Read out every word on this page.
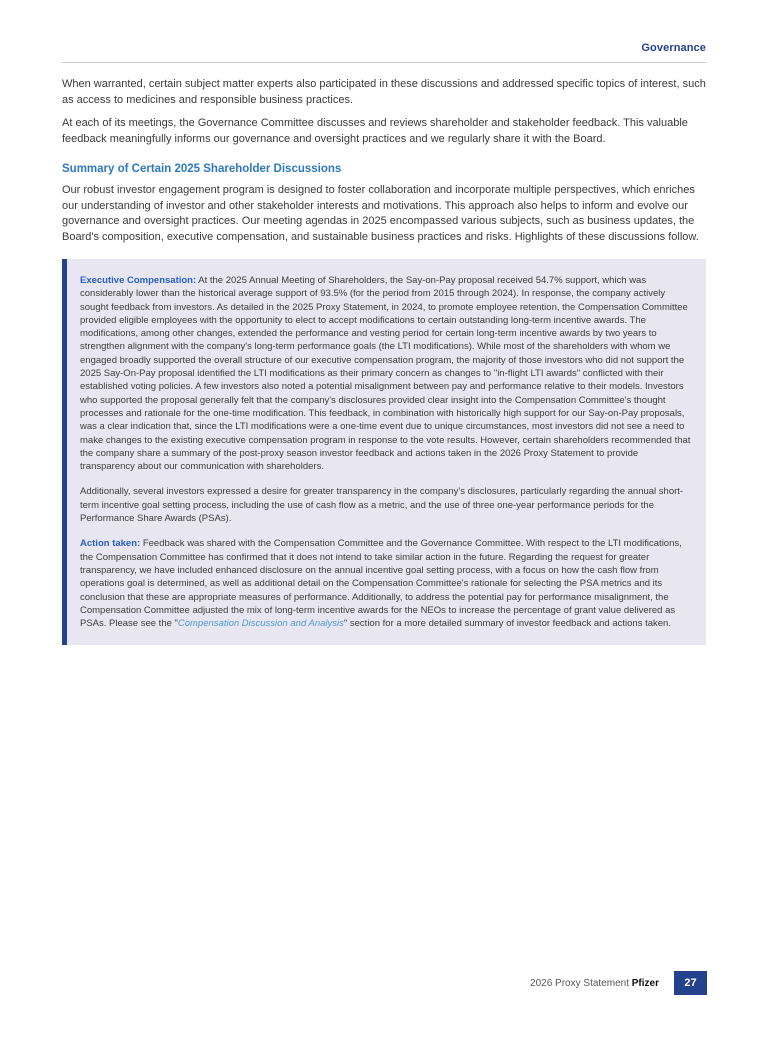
Governance

When warranted, certain subject matter experts also participated in these discussions and addressed specific topics of interest, such as access to medicines and responsible business practices.

At each of its meetings, the Governance Committee discusses and reviews shareholder and stakeholder feedback. This valuable feedback meaningfully informs our governance and oversight practices and we regularly share it with the Board.

Summary of Certain 2025 Shareholder Discussions

Our robust investor engagement program is designed to foster collaboration and incorporate multiple perspectives, which enriches our understanding of investor and other stakeholder interests and motivations. This approach also helps to inform and evolve our governance and oversight practices. Our meeting agendas in 2025 encompassed various subjects, such as business updates, the Board's composition, executive compensation, and sustainable business practices and risks. Highlights of these discussions follow.

Executive Compensation: At the 2025 Annual Meeting of Shareholders, the Say-on-Pay proposal received 54.7% support, which was considerably lower than the historical average support of 93.5% (for the period from 2015 through 2024). In response, the company actively sought feedback from investors. As detailed in the 2025 Proxy Statement, in 2024, to promote employee retention, the Compensation Committee provided eligible employees with the opportunity to elect to accept modifications to certain outstanding long-term incentive awards. The modifications, among other changes, extended the performance and vesting period for certain long-term incentive awards by two years to strengthen alignment with the company's long-term performance goals (the LTI modifications). While most of the shareholders with whom we engaged broadly supported the overall structure of our executive compensation program, the majority of those investors who did not support the 2025 Say-On-Pay proposal identified the LTI modifications as their primary concern as changes to "in-flight LTI awards" conflicted with their established voting policies. A few investors also noted a potential misalignment between pay and performance relative to their models. Investors who supported the proposal generally felt that the company's disclosures provided clear insight into the Compensation Committee's thought processes and rationale for the one-time modification. This feedback, in combination with historically high support for our Say-on-Pay proposals, was a clear indication that, since the LTI modifications were a one-time event due to unique circumstances, most investors did not see a need to make changes to the existing executive compensation program in response to the vote results. However, certain shareholders recommended that the company share a summary of the post-proxy season investor feedback and actions taken in the 2026 Proxy Statement to provide transparency about our communication with shareholders.

Additionally, several investors expressed a desire for greater transparency in the company's disclosures, particularly regarding the annual short-term incentive goal setting process, including the use of cash flow as a metric, and the use of three one-year performance periods for the Performance Share Awards (PSAs).

Action taken: Feedback was shared with the Compensation Committee and the Governance Committee. With respect to the LTI modifications, the Compensation Committee has confirmed that it does not intend to take similar action in the future. Regarding the request for greater transparency, we have included enhanced disclosure on the annual incentive goal setting process, with a focus on how the cash flow from operations goal is determined, as well as additional detail on the Compensation Committee's rationale for selecting the PSA metrics and its conclusion that these are appropriate measures of performance. Additionally, to address the potential pay for performance misalignment, the Compensation Committee adjusted the mix of long-term incentive awards for the NEOs to increase the percentage of grant value delivered as PSAs. Please see the "Compensation Discussion and Analysis" section for a more detailed summary of investor feedback and actions taken.

2026 Proxy Statement Pfizer	27
